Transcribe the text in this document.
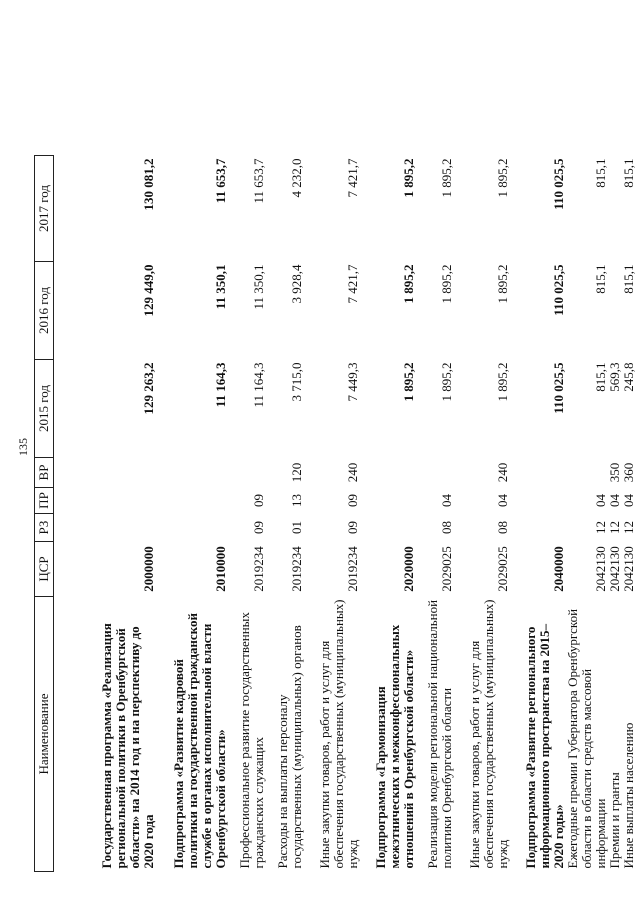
135
Наименование	ЦСР	РЗ	ПР	ВР	2015 год	2016 год	2017 год
Государственная программа «Реализация региональной политики в Оренбургской области» на 2014 год и на перспективу до 2020 года	2000000				129 263,2	129 449,0	130 081,2
Подпрограмма «Развитие кадровой политики на государственной гражданской службе в органах исполнительной власти Оренбургской области»	2010000				11 164,3	11 350,1	11 653,7
Профессиональное развитие государственных гражданских служащих	2019234	09	09		11 164,3	11 350,1	11 653,7
Расходы на выплаты персоналу государственных (муниципальных) органов	2019234	01	13	120	3 715,0	3 928,4	4 232,0
Иные закупки товаров, работ и услуг для обеспечения государственных (муниципальных) нужд	2019234	09	09	240	7 449,3	7 421,7	7 421,7
Подпрограмма «Гармонизация межэтнических и межконфессиональных отношений в Оренбургской области»	2020000				1 895,2	1 895,2	1 895,2
Реализация модели региональной национальной политики Оренбургской области	2029025	08	04		1 895,2	1 895,2	1 895,2
Иные закупки товаров, работ и услуг для обеспечения государственных (муниципальных) нужд	2029025	08	04	240	1 895,2	1 895,2	1 895,2
Подпрограмма «Развитие регионального информационного пространства на 2015–2020 годы»	2040000				110 025,5	110 025,5	110 025,5
Ежегодные премии Губернатора Оренбургской области в области средств массовой информации	2042130	12	04		815,1	815,1	815,1
Премии и гранты	2042130	12	04	350	569,3		
Иные выплаты населению	2042130	12	04	360	245,8	815,1	815,1
